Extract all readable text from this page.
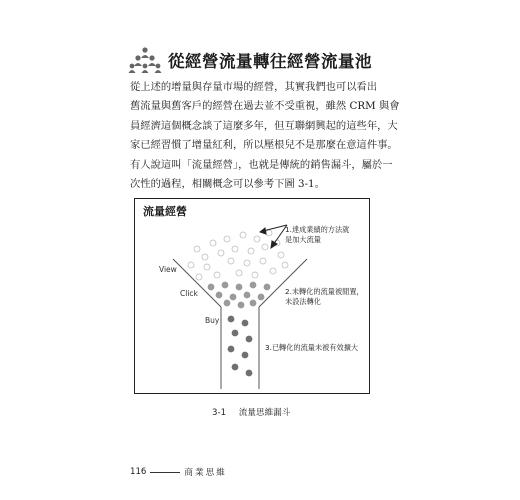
從經營流量轉往經營流量池

從上述的增量與存量市場的經營，其實我們也可以看出
舊流量與舊客戶的經營在過去並不受重視，雖然 CRM 與會
員經濟這個概念談了這麼多年，但互聯網興起的這些年，大
家已經習慣了增量紅利，所以壓根兒不是那麼在意這件事。
有人說這叫「流量經營」，也就是傳統的銷售漏斗，屬於一
次性的過程，相關概念可以參考下圖 3-1。

流量經營
View
Click
Buy
1.達成業績的方法就
是加大流量
2.未轉化的流量被閒置，
未設法轉化
3.已轉化的流量未被有效擴大
3-1 流量思維漏斗
116	商業思維
